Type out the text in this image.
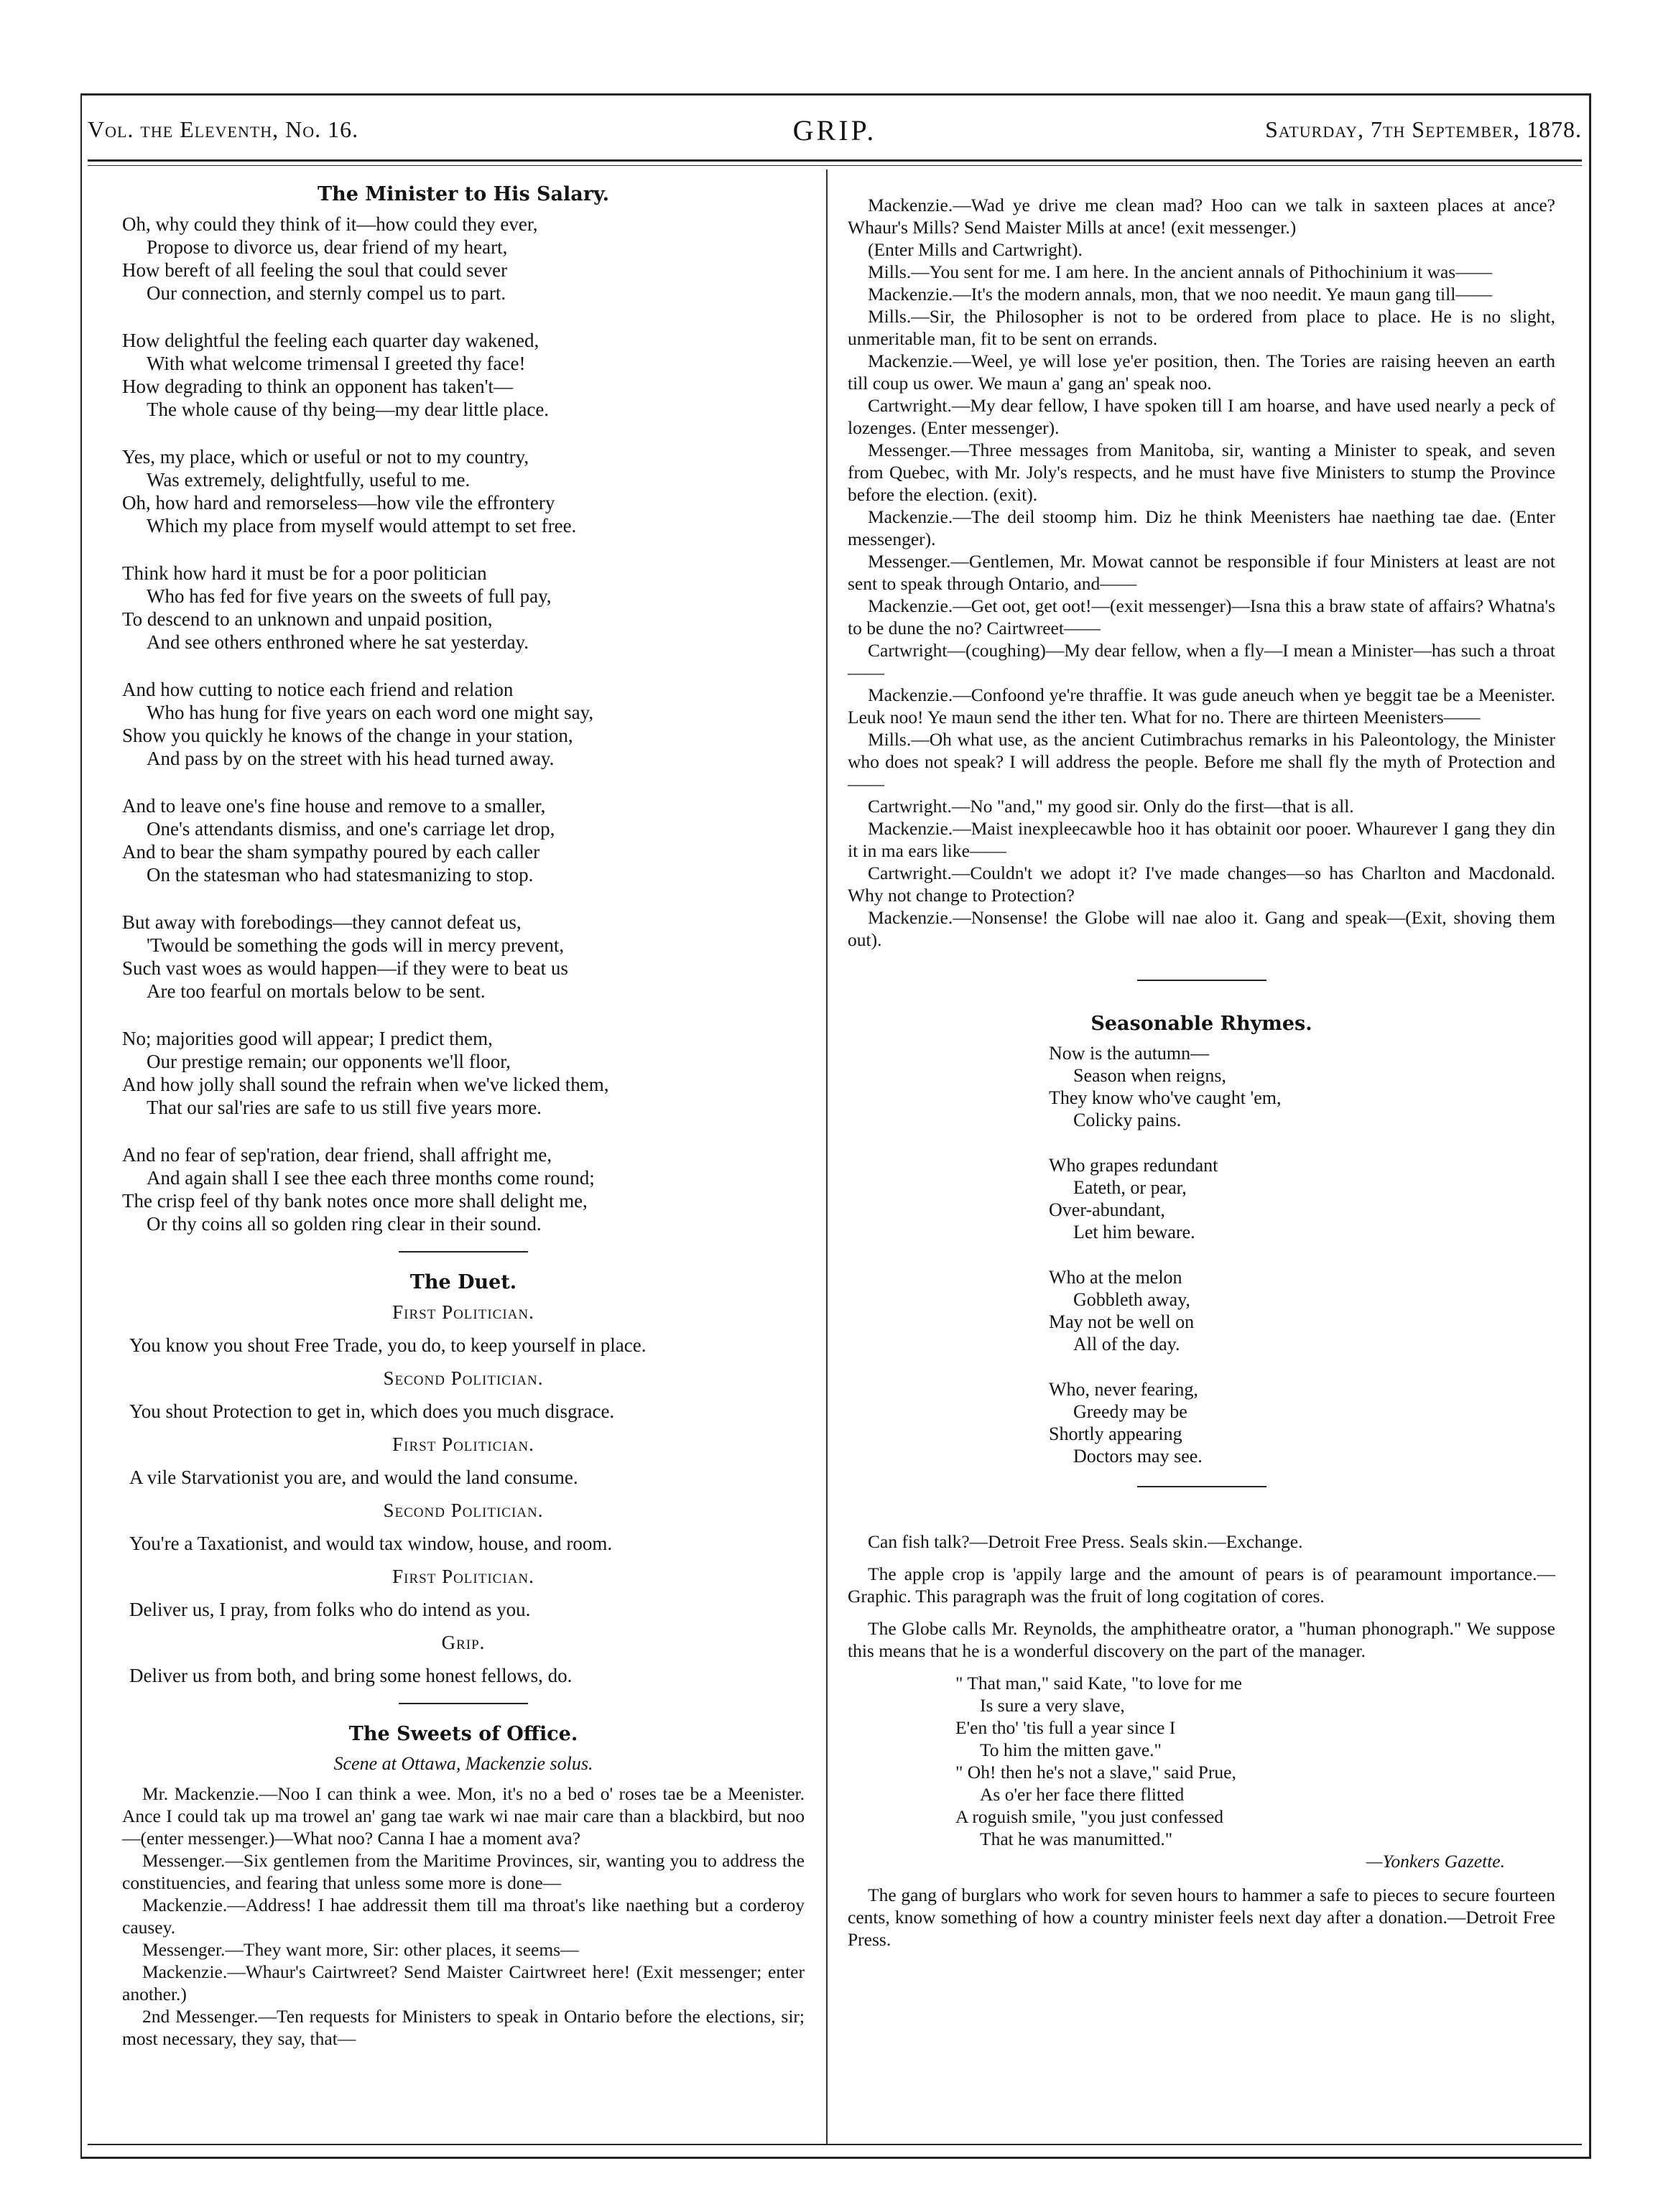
Vol. the Eleventh, No. 16.	GRIP.	Saturday, 7th September, 1878.
The Minister to His Salary.

Oh, why could they think of it—how could they ever,

Propose to divorce us, dear friend of my heart,

How bereft of all feeling the soul that could sever

Our connection, and sternly compel us to part.

How delightful the feeling each quarter day wakened,

With what welcome trimensal I greeted thy face!

How degrading to think an opponent has taken't—

The whole cause of thy being—my dear little place.

Yes, my place, which or useful or not to my country,

Was extremely, delightfully, useful to me.

Oh, how hard and remorseless—how vile the effrontery

Which my place from myself would attempt to set free.

Think how hard it must be for a poor politician

Who has fed for five years on the sweets of full pay,

To descend to an unknown and unpaid position,

And see others enthroned where he sat yesterday.

And how cutting to notice each friend and relation

Who has hung for five years on each word one might say,

Show you quickly he knows of the change in your station,

And pass by on the street with his head turned away.

And to leave one's fine house and remove to a smaller,

One's attendants dismiss, and one's carriage let drop,

And to bear the sham sympathy poured by each caller

On the statesman who had statesmanizing to stop.

But away with forebodings—they cannot defeat us,

'Twould be something the gods will in mercy prevent,

Such vast woes as would happen—if they were to beat us

Are too fearful on mortals below to be sent.

No; majorities good will appear; I predict them,

Our prestige remain; our opponents we'll floor,

And how jolly shall sound the refrain when we've licked them,

That our sal'ries are safe to us still five years more.

And no fear of sep'ration, dear friend, shall affright me,

And again shall I see thee each three months come round;

The crisp feel of thy bank notes once more shall delight me,

Or thy coins all so golden ring clear in their sound.

The Duet.
First Politician.
You know you shout Free Trade, you do, to keep yourself in place.
Second Politician.
You shout Protection to get in, which does you much disgrace.
First Politician.
A vile Starvationist you are, and would the land consume.
Second Politician.
You're a Taxationist, and would tax window, house, and room.
First Politician.
Deliver us, I pray, from folks who do intend as you.
Grip.
Deliver us from both, and bring some honest fellows, do.
The Sweets of Office.
Scene at Ottawa, Mackenzie solus.

Mr. Mackenzie.—Noo I can think a wee. Mon, it's no a bed o' roses tae be a Meenister. Ance I could tak up ma trowel an' gang tae wark wi nae mair care than a blackbird, but noo—(enter messenger.)—What noo? Canna I hae a moment ava?

Messenger.—Six gentlemen from the Maritime Provinces, sir, wanting you to address the constituencies, and fearing that unless some more is done—

Mackenzie.—Address! I hae addressit them till ma throat's like naething but a corderoy causey.

Messenger.—They want more, Sir: other places, it seems—

Mackenzie.—Whaur's Cairtwreet? Send Maister Cairtwreet here! (Exit messenger; enter another.)

2nd Messenger.—Ten requests for Ministers to speak in Ontario before the elections, sir; most necessary, they say, that—

Mackenzie.—Wad ye drive me clean mad? Hoo can we talk in saxteen places at ance? Whaur's Mills? Send Maister Mills at ance! (exit messenger.)

(Enter Mills and Cartwright).

Mills.—You sent for me. I am here. In the ancient annals of Pithochinium it was——

Mackenzie.—It's the modern annals, mon, that we noo needit. Ye maun gang till——

Mills.—Sir, the Philosopher is not to be ordered from place to place. He is no slight, unmeritable man, fit to be sent on errands.

Mackenzie.—Weel, ye will lose ye'er position, then. The Tories are raising heeven an earth till coup us ower. We maun a' gang an' speak noo.

Cartwright.—My dear fellow, I have spoken till I am hoarse, and have used nearly a peck of lozenges. (Enter messenger).

Messenger.—Three messages from Manitoba, sir, wanting a Minister to speak, and seven from Quebec, with Mr. Joly's respects, and he must have five Ministers to stump the Province before the election. (exit).

Mackenzie.—The deil stoomp him. Diz he think Meenisters hae naething tae dae. (Enter messenger).

Messenger.—Gentlemen, Mr. Mowat cannot be responsible if four Ministers at least are not sent to speak through Ontario, and——

Mackenzie.—Get oot, get oot!—(exit messenger)—Isna this a braw state of affairs? Whatna's to be dune the no? Cairtwreet——

Cartwright—(coughing)—My dear fellow, when a fly—I mean a Minister—has such a throat——

Mackenzie.—Confoond ye're thraffie. It was gude aneuch when ye beggit tae be a Meenister. Leuk noo! Ye maun send the ither ten. What for no. There are thirteen Meenisters——

Mills.—Oh what use, as the ancient Cutimbrachus remarks in his Paleontology, the Minister who does not speak? I will address the people. Before me shall fly the myth of Protection and——

Cartwright.—No "and," my good sir. Only do the first—that is all.

Mackenzie.—Maist inexpleecawble hoo it has obtainit oor pooer. Whaurever I gang they din it in ma ears like——

Cartwright.—Couldn't we adopt it? I've made changes—so has Charlton and Macdonald. Why not change to Protection?

Mackenzie.—Nonsense! the Globe will nae aloo it. Gang and speak—(Exit, shoving them out).

Seasonable Rhymes.

Now is the autumn—

Season when reigns,

They know who've caught 'em,

Colicky pains.

Who grapes redundant

Eateth, or pear,

Over-abundant,

Let him beware.

Who at the melon

Gobbleth away,

May not be well on

All of the day.

Who, never fearing,

Greedy may be

Shortly appearing

Doctors may see.

Can fish talk?—Detroit Free Press. Seals skin.—Exchange.

The apple crop is 'appily large and the amount of pears is of pearamount importance.—Graphic. This paragraph was the fruit of long cogitation of cores.

The Globe calls Mr. Reynolds, the amphitheatre orator, a "human phonograph." We suppose this means that he is a wonderful discovery on the part of the manager.

" That man," said Kate, "to love for me

Is sure a very slave,

E'en tho' 'tis full a year since I

To him the mitten gave."

" Oh! then he's not a slave," said Prue,

As o'er her face there flitted

A roguish smile, "you just confessed

That he was manumitted."

—Yonkers Gazette.

The gang of burglars who work for seven hours to hammer a safe to pieces to secure fourteen cents, know something of how a country minister feels next day after a donation.—Detroit Free Press.
